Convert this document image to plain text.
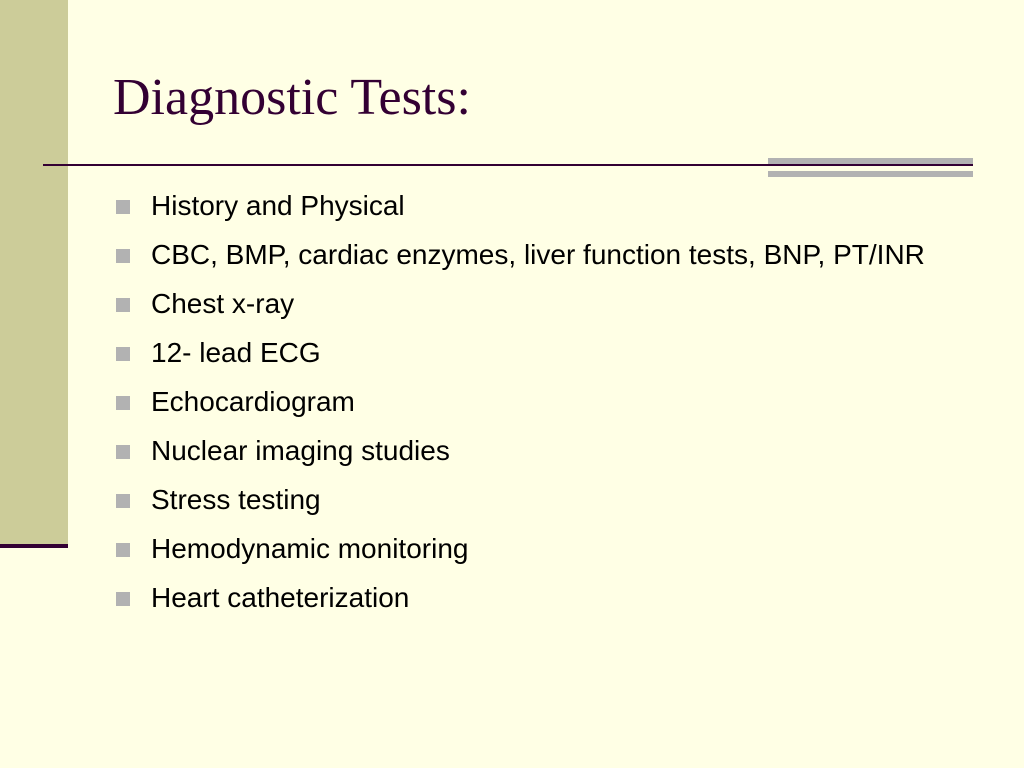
Diagnostic Tests:
History and Physical
CBC, BMP, cardiac enzymes, liver function tests, BNP, PT/INR
Chest x-ray
12- lead ECG
Echocardiogram
Nuclear imaging studies
Stress testing
Hemodynamic monitoring
Heart catheterization
